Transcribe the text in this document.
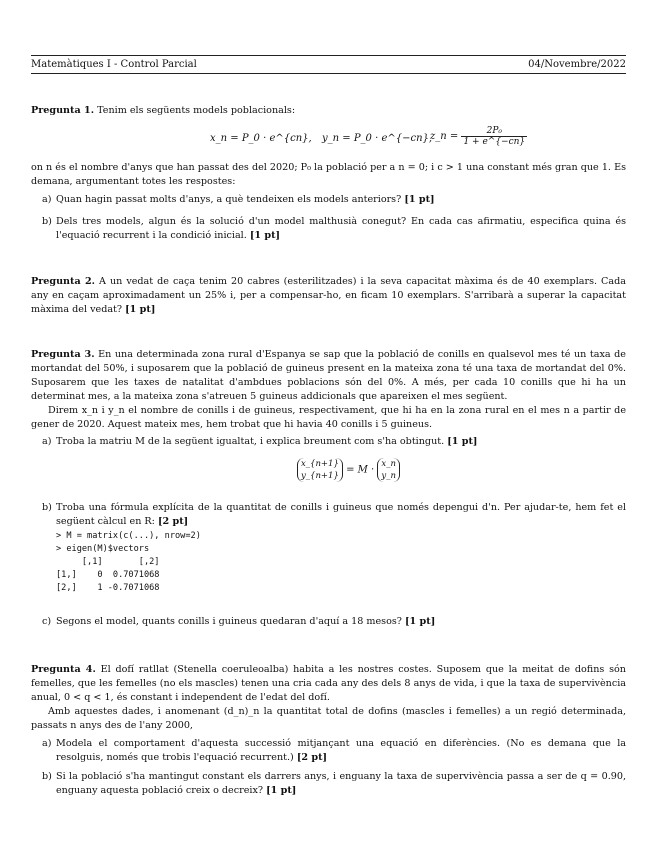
Matemàtiques I - Control Parcial	04/Novembre/2022

Pregunta 1. Tenim els següents models poblacionals:

x_n = P_0 · e^{cn}, y_n = P_0 · e^{−cn},
z_n = $\frac{\text{2P₀}}{1 + e\^{}\{-cn\}}$
on n és el nombre d'anys que han passat des del 2020; P₀ la població per a n = 0; i c > 1 una constant més gran que 1. Es demana, argumentant totes les respostes:
a) Quan hagin passat molts d'anys, a què tendeixen els models anteriors? [1 pt]
b) Dels tres models, algun és la solució d'un model malthusià conegut? En cada cas afirmatiu, especifica quina és l'equació recurrent i la condició inicial. [1 pt]

Pregunta 2. A un vedat de caça tenim 20 cabres (esterilitzades) i la seva capacitat màxima és de 40 exemplars. Cada any en caçam aproximadament un 25% i, per a compensar-ho, en ficam 10 exemplars. S'arribarà a superar la capacitat màxima del vedat? [1 pt]

Pregunta 3. En una determinada zona rural d'Espanya se sap que la població de conills en qualsevol mes té un taxa de mortandat del 50%, i suposarem que la població de guineus present en la mateixa zona té una taxa de mortandat del 0%. Suposarem que les taxes de natalitat d'ambdues poblacions són del 0%. A més, per cada 10 conills que hi ha un determinat mes, a la mateixa zona s'atreuen 5 guineus addicionals que apareixen el mes següent.

Direm x_n i y_n el nombre de conills i de guineus, respectivament, que hi ha en la zona rural en el mes n a partir de gener de 2020. Aquest mateix mes, hem trobat que hi havia 40 conills i 5 guineus.

a) Troba la matriu M de la següent igualtat, i explica breument com s'ha obtingut. [1 pt]
x_{n+1}
y_{n+1} = M · x_n
y_n
b) Troba una fórmula explícita de la quantitat de conills i guineus que només depengui d'n. Per ajudar-te, hem fet el següent càlcul en R: [2 pt]
> M = matrix(c(...), nrow=2)
> eigen(M)$vectors
[,1]       [,2]
[1,]    0  0.7071068
[2,]    1 -0.7071068
c) Segons el model, quants conills i guineus quedaran d'aquí a 18 mesos? [1 pt]

Pregunta 4. El dofí ratllat (Stenella coeruleoalba) habita a les nostres costes. Suposem que la meitat de dofins són femelles, que les femelles (no els mascles) tenen una cria cada any des dels 8 anys de vida, i que la taxa de supervivència anual, 0 < q < 1, és constant i independent de l'edat del dofí.

Amb aquestes dades, i anomenant (d_n)_n la quantitat total de dofins (mascles i femelles) a un regió determinada, passats n anys des de l'any 2000,

a) Modela el comportament d'aquesta successió mitjançant una equació en diferències. (No es demana que la resolguis, només que trobis l'equació recurrent.) [2 pt]
b) Si la població s'ha mantingut constant els darrers anys, i enguany la taxa de supervivència passa a ser de q = 0.90, enguany aquesta població creix o decreix? [1 pt]
